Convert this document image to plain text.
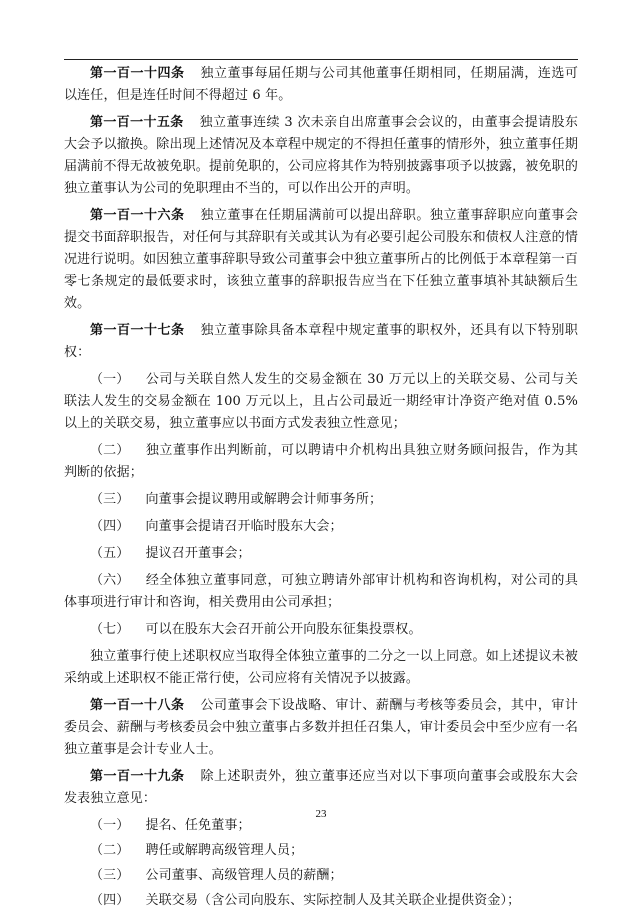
第一百一十四条 独立董事每届任期与公司其他董事任期相同，任期届满，连选可以连任，但是连任时间不得超过 6 年。

第一百一十五条 独立董事连续 3 次未亲自出席董事会会议的，由董事会提请股东大会予以撤换。除出现上述情况及本章程中规定的不得担任董事的情形外，独立董事任期届满前不得无故被免职。提前免职的，公司应将其作为特别披露事项予以披露，被免职的独立董事认为公司的免职理由不当的，可以作出公开的声明。

第一百一十六条 独立董事在任期届满前可以提出辞职。独立董事辞职应向董事会提交书面辞职报告，对任何与其辞职有关或其认为有必要引起公司股东和债权人注意的情况进行说明。如因独立董事辞职导致公司董事会中独立董事所占的比例低于本章程第一百零七条规定的最低要求时，该独立董事的辞职报告应当在下任独立董事填补其缺额后生效。

第一百一十七条 独立董事除具备本章程中规定董事的职权外，还具有以下特别职权：

（一） 公司与关联自然人发生的交易金额在 30 万元以上的关联交易、公司与关联法人发生的交易金额在 100 万元以上，且占公司最近一期经审计净资产绝对值 0.5%以上的关联交易，独立董事应以书面方式发表独立性意见；

（二） 独立董事作出判断前，可以聘请中介机构出具独立财务顾问报告，作为其判断的依据；

（三） 向董事会提议聘用或解聘会计师事务所；

（四） 向董事会提请召开临时股东大会；

（五） 提议召开董事会；

（六） 经全体独立董事同意，可独立聘请外部审计机构和咨询机构，对公司的具体事项进行审计和咨询，相关费用由公司承担；

（七） 可以在股东大会召开前公开向股东征集投票权。

独立董事行使上述职权应当取得全体独立董事的二分之一以上同意。如上述提议未被采纳或上述职权不能正常行使，公司应将有关情况予以披露。

第一百一十八条 公司董事会下设战略、审计、薪酬与考核等委员会，其中，审计委员会、薪酬与考核委员会中独立董事占多数并担任召集人，审计委员会中至少应有一名独立董事是会计专业人士。

第一百一十九条 除上述职责外，独立董事还应当对以下事项向董事会或股东大会发表独立意见：

（一） 提名、任免董事；

（二） 聘任或解聘高级管理人员；

（三） 公司董事、高级管理人员的薪酬；

（四） 关联交易（含公司向股东、实际控制人及其关联企业提供资金）；

23
